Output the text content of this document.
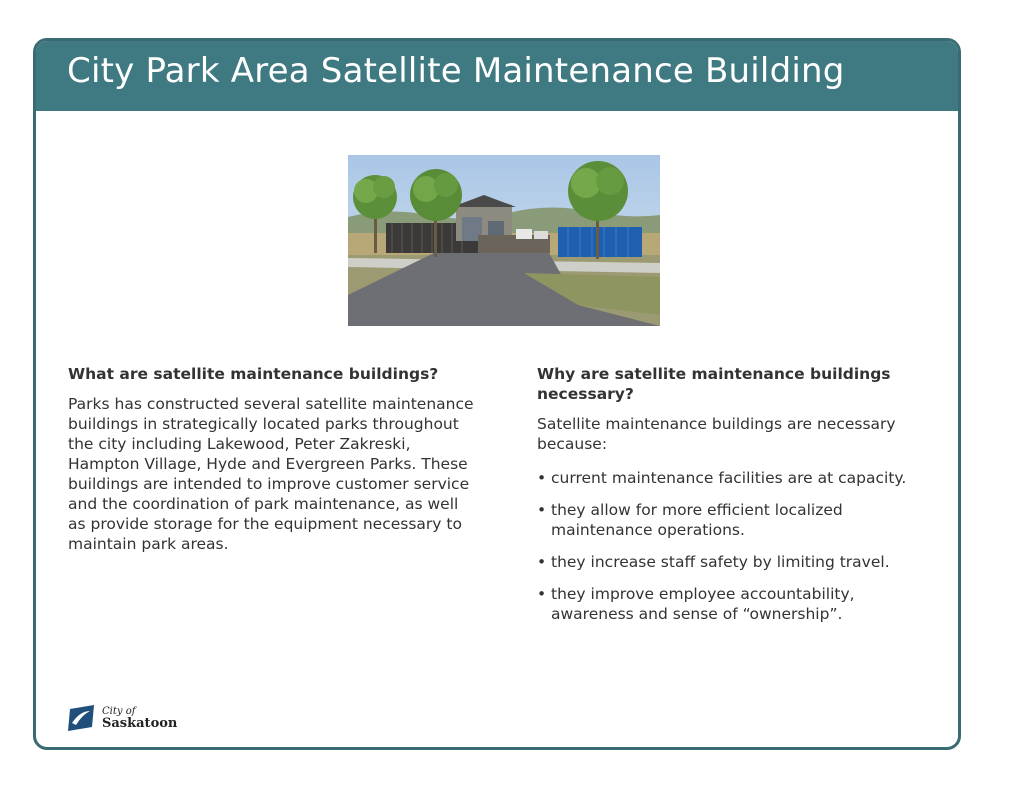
City Park Area Satellite Maintenance Building
What are satellite maintenance buildings?

Parks has constructed several satellite maintenance buildings in strategically located parks throughout the city including Lakewood, Peter Zakreski, Hampton Village, Hyde and Evergreen Parks. These buildings are intended to improve customer service and the coordination of park maintenance, as well as provide storage for the equipment necessary to maintain park areas.

Why are satellite maintenance buildings necessary?

Satellite maintenance buildings are necessary because:

• current maintenance facilities are at capacity.
• they allow for more efficient localized maintenance operations.
• they increase staff safety by limiting travel.
• they improve employee accountability, awareness and sense of “ownership”.
City of
Saskatoon
